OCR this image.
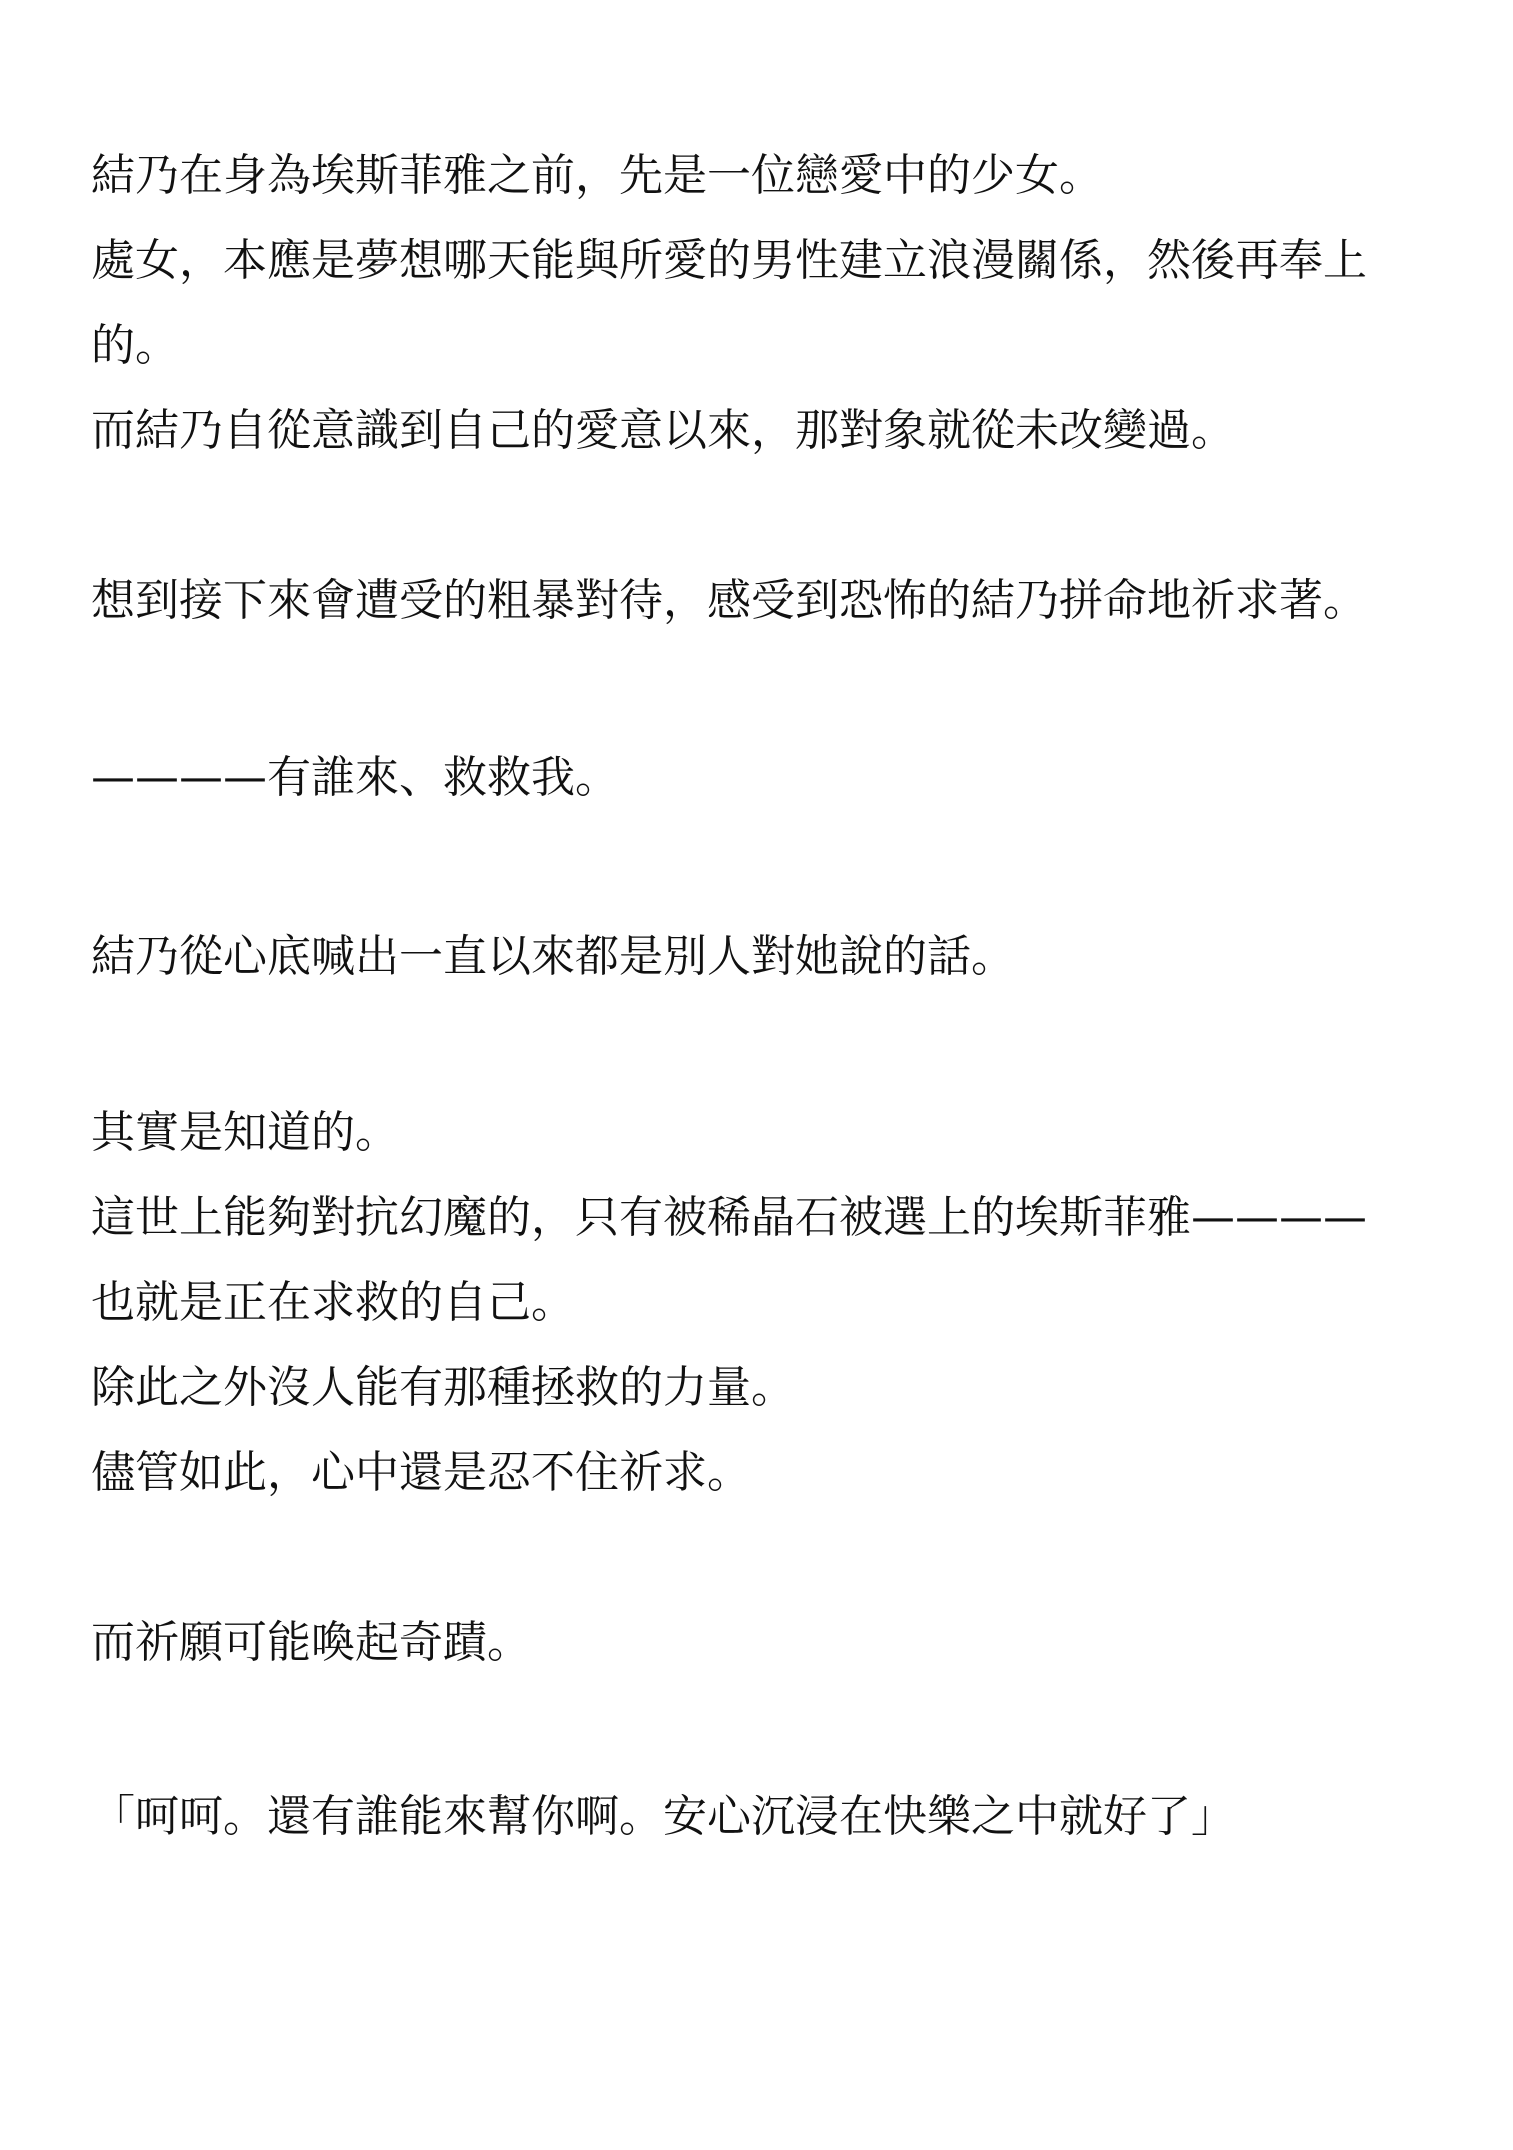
結乃在身為埃斯菲雅之前，先是一位戀愛中的少女。
處女，本應是夢想哪天能與所愛的男性建立浪漫關係，然後再奉上
的。
而結乃自從意識到自己的愛意以來，那對象就從未改變過。
想到接下來會遭受的粗暴對待，感受到恐怖的結乃拼命地祈求著。
————有誰來、救救我。
結乃從心底喊出一直以來都是別人對她說的話。
其實是知道的。
這世上能夠對抗幻魔的，只有被稀晶石被選上的埃斯菲雅————
也就是正在求救的自己。
除此之外沒人能有那種拯救的力量。
儘管如此，心中還是忍不住祈求。
而祈願可能喚起奇蹟。
「呵呵。還有誰能來幫你啊。安心沉浸在快樂之中就好了」
